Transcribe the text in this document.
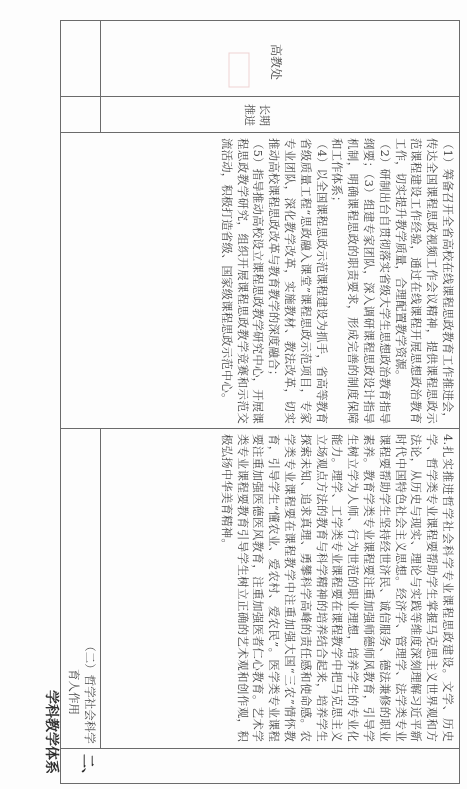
高教处

长期推进

（1）筹备召开全省高校在线课程思政教育工作推进会，传达全国课程思政视频工作会议精神，提供课程思政示范课程建设工作经验，通过在线课程开展思想政治教育工作，切实提升教学质量，合理配置教学资源。

（2）研制出台自贯彻落实省级大学生思想政治教育指导纲要；（3）组建专家团队，深入调研课程思政设计指导机制，明确课程思政的职责要求，形成完善的制度保障和工作体系；

（4）以全国课程思政示范课程建设为抓手，省高等教育省级质量工程“思政融入课堂”课程思政示范项目，专家专业团队，深化教学改革，实施教材、教法改革，切实推动高校课程思政改革与教育教学的深度融合；

（5）指导推动高校设立课程思政教学研究中心，开展课程思政教学研究，组织开展课程思政教学竞赛和示范交流活动，积极打造省级、国家级课程思政示范中心。

4.扎实推进哲学社会科学专业课程思政建设。文学、历史学、哲学类专业课程要帮助学生掌握马克思主义世界观和方法论，从历史与现实、理论与实践等维度深刻理解习近平新时代中国特色社会主义思想。经济学、管理学、法学类专业课程要帮助学生坚持经世济民、诚信服务、德法兼修的职业素养。教育学类专业课程要注重加强师德师风教育，引导学生树立学为人师、行为世范的职业理想，培养学生的专业化能力。理学、工学类专业课程要在课程教学中把马克思主义立场观点方法的教育与科学精神的培养结合起来，培养学生探索未知、追求真理、勇攀科学高峰的责任感和使命感。农学类专业课程要在课程教学中注重加强大国“三农”情怀教育，引导学生“懂农业、爱农村、爱农民”。医学类专业课程要注重加强医德医风教育，注重加强医者仁心教育。艺术学类专业课程要教育引导学生树立正确的艺术观和创作观，积极弘扬中华美育精神。

（二）哲学社会科学育人作用

二、

学科教学体系
